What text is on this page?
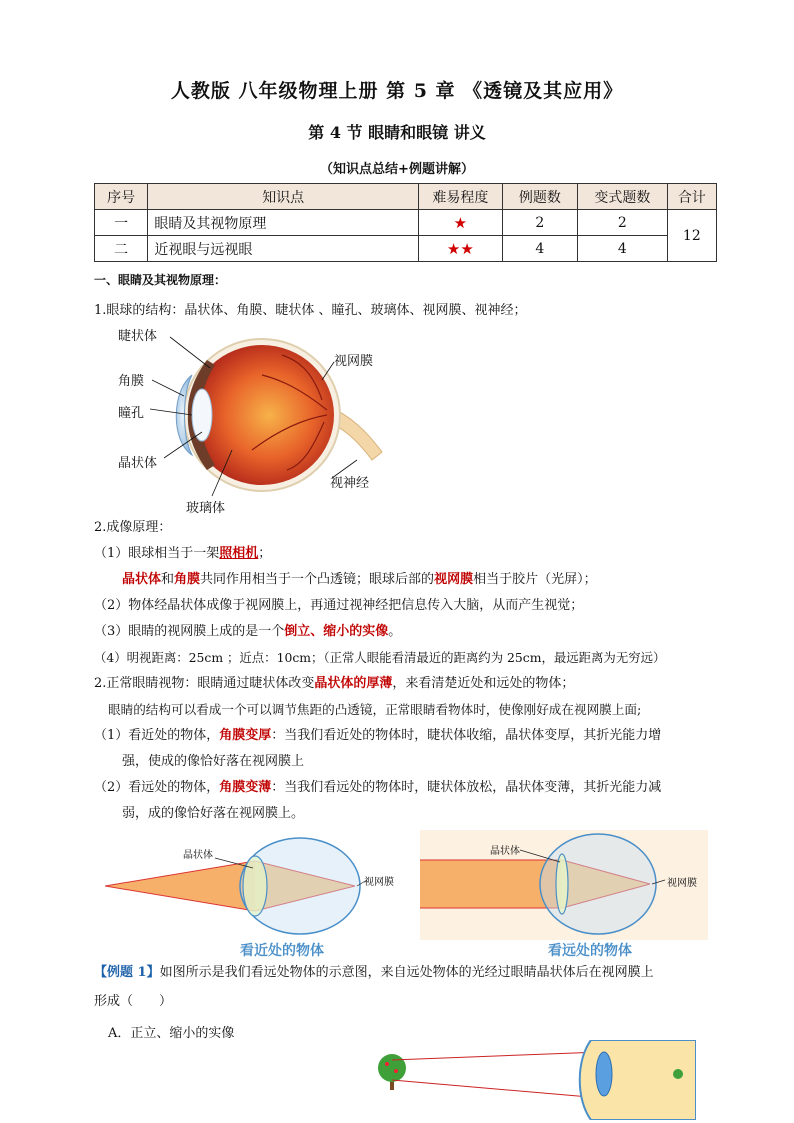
人教版 八年级物理上册 第 5 章 《透镜及其应用》
第 4 节 眼睛和眼镜 讲义
（知识点总结+例题讲解）
序号	知识点	难易程度	例题数	变式题数	合计
一	眼睛及其视物原理	★	2	2	12
二	近视眼与远视眼	★★	4	4	
一、眼睛及其视物原理：
1.眼球的结构：晶状体、角膜、睫状体 、瞳孔、玻璃体、视网膜、视神经；
睫状体
角膜
瞳孔
晶状体
玻璃体
视网膜
视神经
2.成像原理：
（1）眼球相当于一架照相机；
晶状体和角膜共同作用相当于一个凸透镜；眼球后部的视网膜相当于胶片（光屏）；
（2）物体经晶状体成像于视网膜上，再通过视神经把信息传入大脑，从而产生视觉；
（3）眼睛的视网膜上成的是一个倒立、缩小的实像。
（4）明视距离：25cm ；近点：10cm；（正常人眼能看清最近的距离约为 25cm，最远距离为无穷远）
2.正常眼睛视物：眼睛通过睫状体改变晶状体的厚薄，来看清楚近处和远处的物体；
眼睛的结构可以看成一个可以调节焦距的凸透镜，正常眼睛看物体时，使像刚好成在视网膜上面;
（1）看近处的物体，角膜变厚：当我们看近处的物体时，睫状体收缩，晶状体变厚，其折光能力增
强，使成的像恰好落在视网膜上
（2）看远处的物体，角膜变薄：当我们看远处的物体时，睫状体放松，晶状体变薄，其折光能力减
弱，成的像恰好落在视网膜上。
晶状体
视网膜
看近处的物体
晶状体
视网膜
看远处的物体
【例题 1】如图所示是我们看远处物体的示意图，来自远处物体的光经过眼睛晶状体后在视网膜上
形成（　　）
A．正立、缩小的实像
